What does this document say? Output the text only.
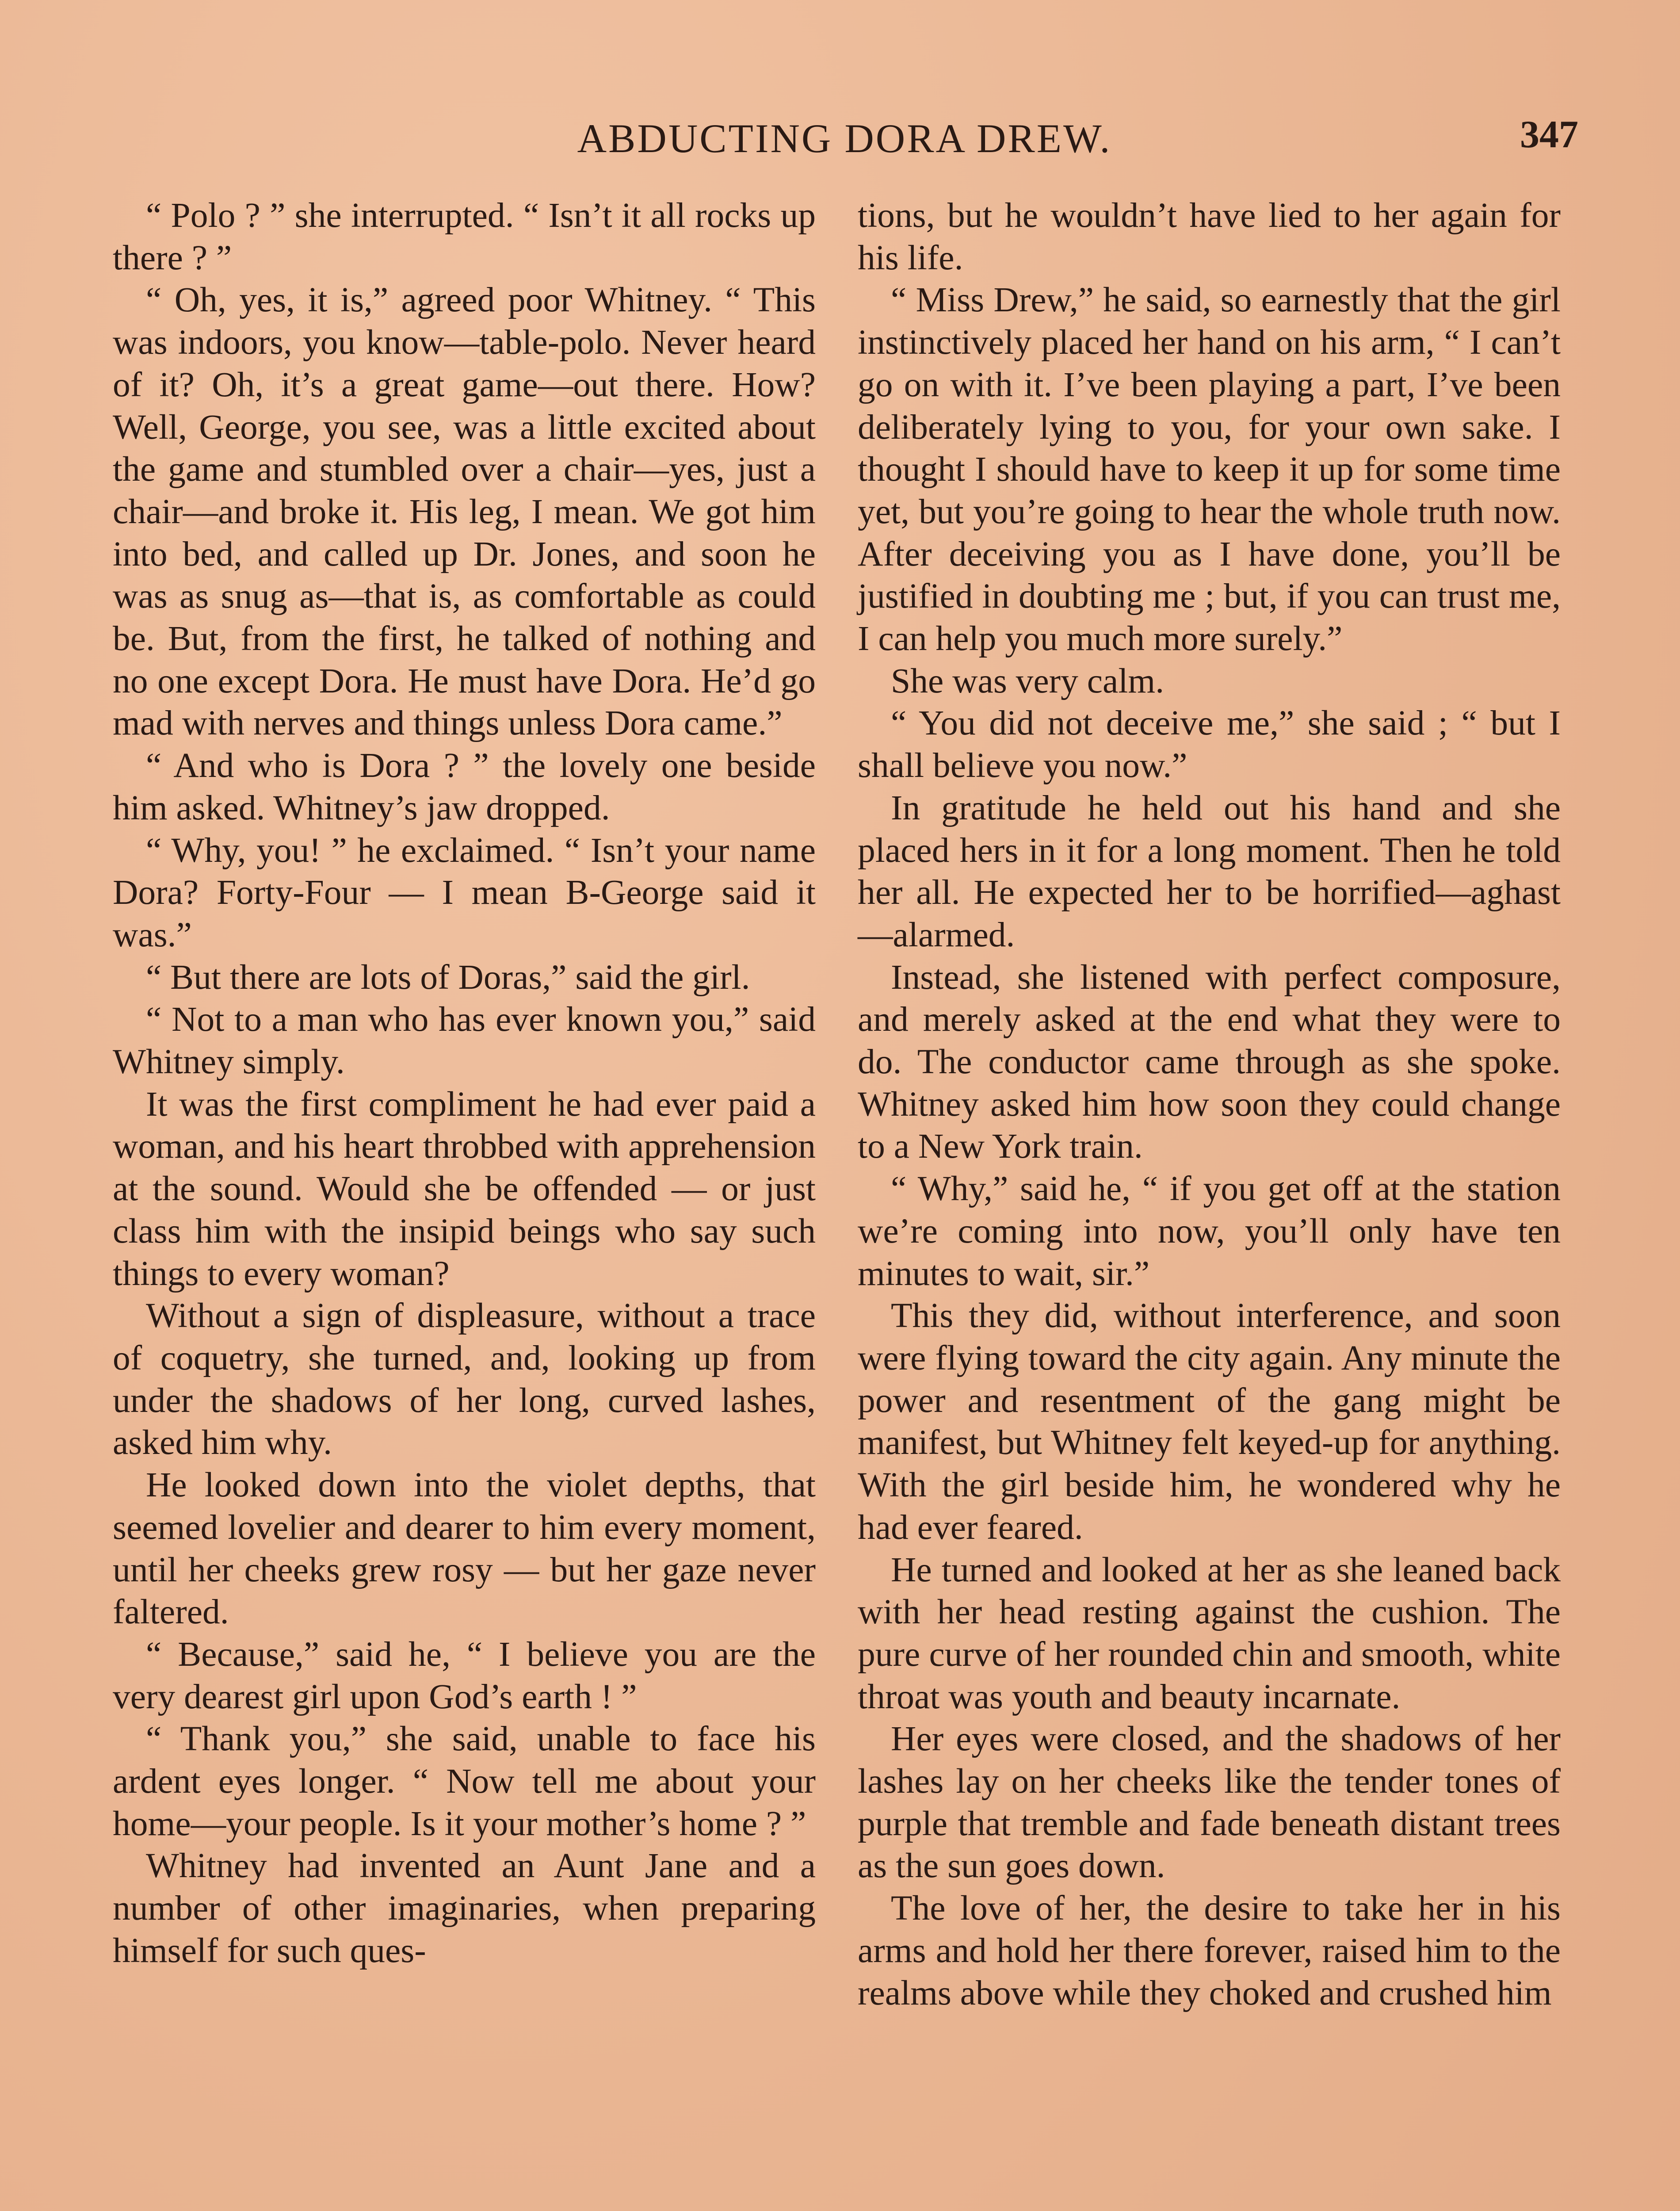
ABDUCTING DORA DREW.	347

“ Polo ? ” she interrupted. “ Isn’t it all rocks up there ? ”

“ Oh, yes, it is,” agreed poor Whitney. “ This was indoors, you know—table-polo. Never heard of it? Oh, it’s a great game—out there. How? Well, George, you see, was a little excited about the game and stumbled over a chair—yes, just a chair—and broke it. His leg, I mean. We got him into bed, and called up Dr. Jones, and soon he was as snug as—that is, as comfortable as could be. But, from the first, he talked of nothing and no one except Dora. He must have Dora. He’d go mad with nerves and things unless Dora came.”

“ And who is Dora ? ” the lovely one beside him asked. Whitney’s jaw dropped.

“ Why, you! ” he exclaimed. “ Isn’t your name Dora? Forty-Four — I mean B-George said it was.”

“ But there are lots of Doras,” said the girl.

“ Not to a man who has ever known you,” said Whitney simply.

It was the first compliment he had ever paid a woman, and his heart throbbed with apprehension at the sound. Would she be offended — or just class him with the insipid beings who say such things to every woman?

Without a sign of displeasure, without a trace of coquetry, she turned, and, looking up from under the shadows of her long, curved lashes, asked him why.

He looked down into the violet depths, that seemed lovelier and dearer to him every moment, until her cheeks grew rosy — but her gaze never faltered.

“ Because,” said he, “ I believe you are the very dearest girl upon God’s earth ! ”

“ Thank you,” she said, unable to face his ardent eyes longer. “ Now tell me about your home—your people. Is it your mother’s home ? ”

Whitney had invented an Aunt Jane and a number of other imaginaries, when preparing himself for such ques-

tions, but he wouldn’t have lied to her again for his life.

“ Miss Drew,” he said, so earnestly that the girl instinctively placed her hand on his arm, “ I can’t go on with it. I’ve been playing a part, I’ve been deliberately lying to you, for your own sake. I thought I should have to keep it up for some time yet, but you’re going to hear the whole truth now. After deceiving you as I have done, you’ll be justified in doubting me ; but, if you can trust me, I can help you much more surely.”

She was very calm.

“ You did not deceive me,” she said ; “ but I shall believe you now.”

In gratitude he held out his hand and she placed hers in it for a long moment. Then he told her all. He expected her to be horrified—aghast—alarmed.

Instead, she listened with perfect composure, and merely asked at the end what they were to do. The conductor came through as she spoke. Whitney asked him how soon they could change to a New York train.

“ Why,” said he, “ if you get off at the station we’re coming into now, you’ll only have ten minutes to wait, sir.”

This they did, without interference, and soon were flying toward the city again. Any minute the power and resentment of the gang might be manifest, but Whitney felt keyed-up for anything. With the girl beside him, he wondered why he had ever feared.

He turned and looked at her as she leaned back with her head resting against the cushion. The pure curve of her rounded chin and smooth, white throat was youth and beauty incarnate.

Her eyes were closed, and the shadows of her lashes lay on her cheeks like the tender tones of purple that tremble and fade beneath distant trees as the sun goes down.

The love of her, the desire to take her in his arms and hold her there forever, raised him to the realms above while they choked and crushed him
